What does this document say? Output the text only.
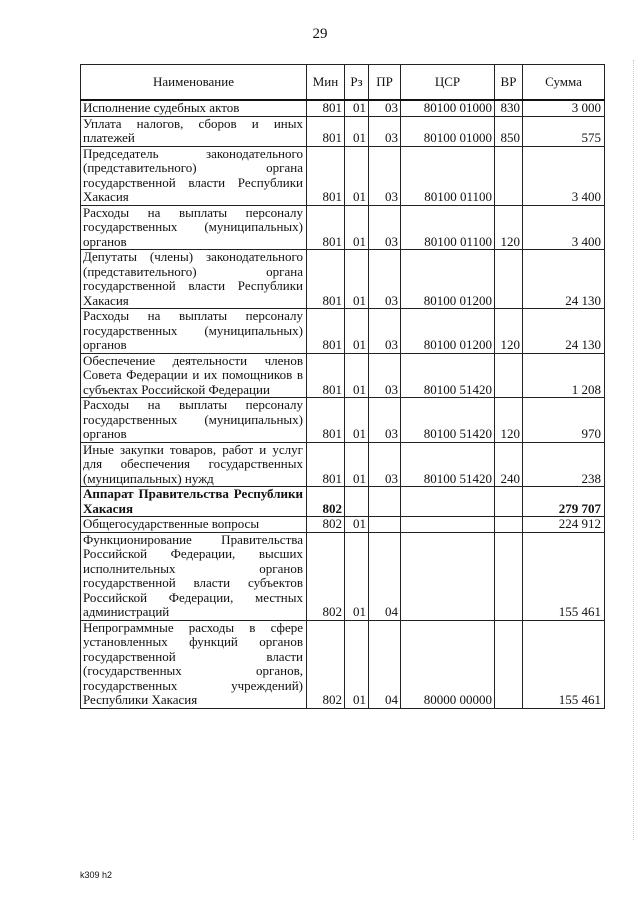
29
Наименование	Мин	Рз	ПР	ЦСР	ВР	Сумма
Исполнение судебных актов	801	01	03	80100 01000	830	3 000
Уплата налогов, сборов и иных платежей	801	01	03	80100 01000	850	575
Председатель законодательного (представительного) органа государственной власти Республики Хакасия	801	01	03	80100 01100		3 400
Расходы на выплаты персоналу государственных (муниципальных) органов	801	01	03	80100 01100	120	3 400
Депутаты (члены) законодательного (представительного) органа государственной власти Республики Хакасия	801	01	03	80100 01200		24 130
Расходы на выплаты персоналу государственных (муниципальных) органов	801	01	03	80100 01200	120	24 130
Обеспечение деятельности членов Совета Федерации и их помощников в субъектах Российской Федерации	801	01	03	80100 51420		1 208
Расходы на выплаты персоналу государственных (муниципальных) органов	801	01	03	80100 51420	120	970
Иные закупки товаров, работ и услуг для обеспечения государственных (муниципальных) нужд	801	01	03	80100 51420	240	238
Аппарат Правительства Республики Хакасия	802					279 707
Общегосударственные вопросы	802	01				224 912
Функционирование Правительства Российской Федерации, высших исполнительных органов государственной власти субъектов Российской Федерации, местных администраций	802	01	04			155 461
Непрограммные расходы в сфере установленных функций органов государственной власти (государственных органов, государственных учреждений) Республики Хакасия	802	01	04	80000 00000		155 461
k309 h2
